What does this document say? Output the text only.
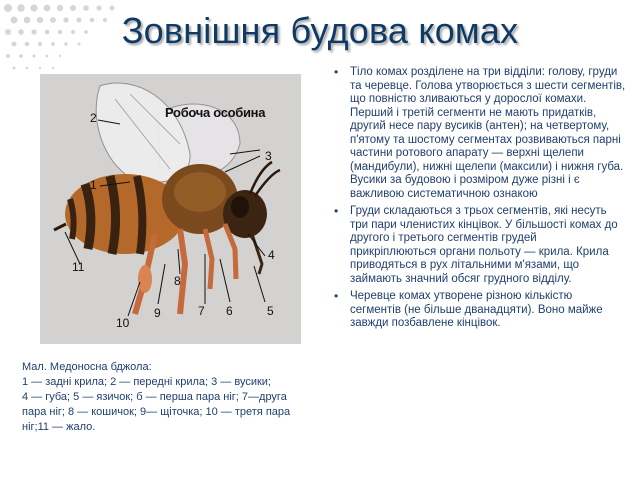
Зовнішня будова комах
Робоча особина
2
1
3
4
5
6
7
8
9
10
11
Мал. Медоносна бджола:
1 — задні крила; 2 — передні крила; 3 — вусики;
4 — губа; 5 — язичок; б — перша пара ніг; 7—друга
пара ніг; 8 — кошичок; 9— щіточка; 10 — третя пара
ніг;11 — жало.
• Тіло комах розділене на три відділи: голову, груди та черевце. Голова утворюється з шести сегментів, що повністю зливаються у дорослої комахи. Перший і третій сегменти не мають придатків, другий несе пару вусиків (антен); на четвертому, п'ятому та шостому сегментах розвиваються парні частини ротового апарату — верхні щелепи (мандибули), нижні щелепи (максили) і нижня губа. Вусики за будовою і розміром дуже різні і є важливою систематичною ознакою
• Груди складаються з трьох сегментів, які несуть три пари членистих кінцівок. У більшості комах до другого і третього сегментів грудей прикріплюються органи польоту — крила. Крила приводяться в рух літальними м'язами, що займають значний обсяг грудного відділу.
• Черевце комах утворене різною кількістю сегментів (не більше дванадцяти). Воно майже завжди позбавлене кінцівок.
